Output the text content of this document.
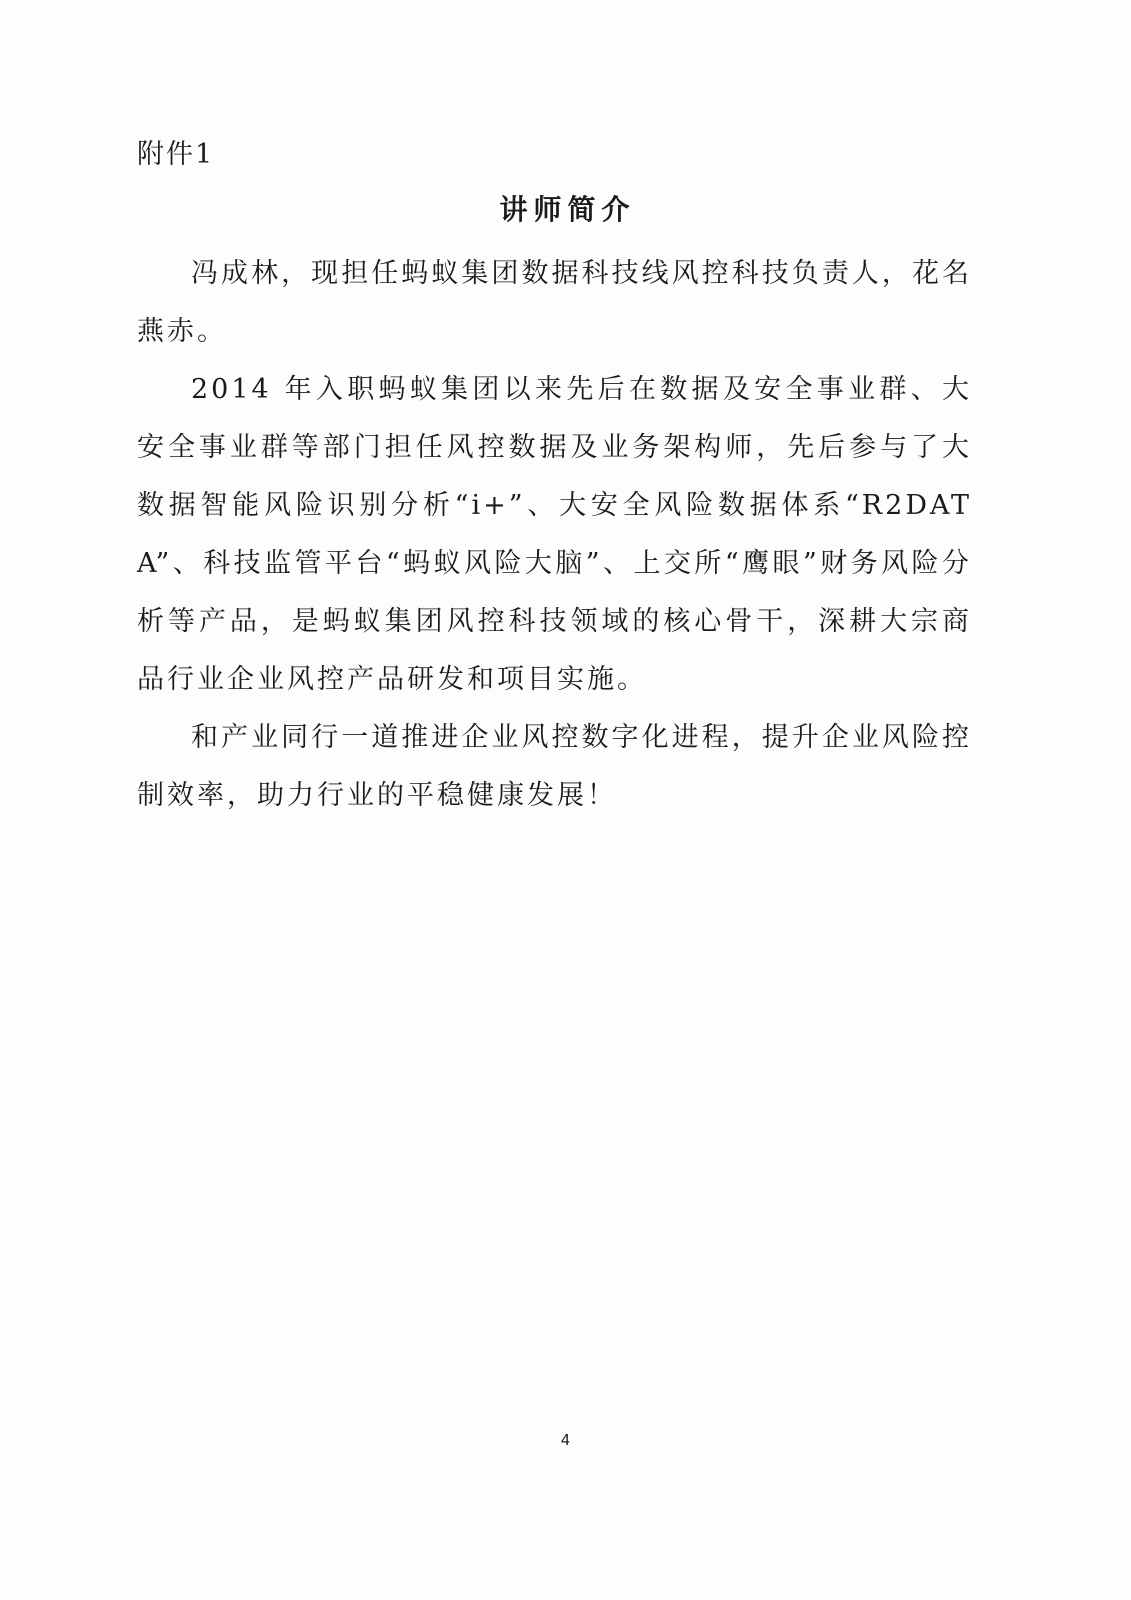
附件1
讲师简介

冯成林，现担任蚂蚁集团数据科技线风控科技负责人，花名燕赤。

2014 年入职蚂蚁集团以来先后在数据及安全事业群、大安全事业群等部门担任风控数据及业务架构师，先后参与了大数据智能风险识别分析“i+”、大安全风险数据体系“R2DATA”、科技监管平台“蚂蚁风险大脑”、上交所“鹰眼”财务风险分析等产品，是蚂蚁集团风控科技领域的核心骨干，深耕大宗商品行业企业风控产品研发和项目实施。

和产业同行一道推进企业风控数字化进程，提升企业风险控制效率，助力行业的平稳健康发展！

4
